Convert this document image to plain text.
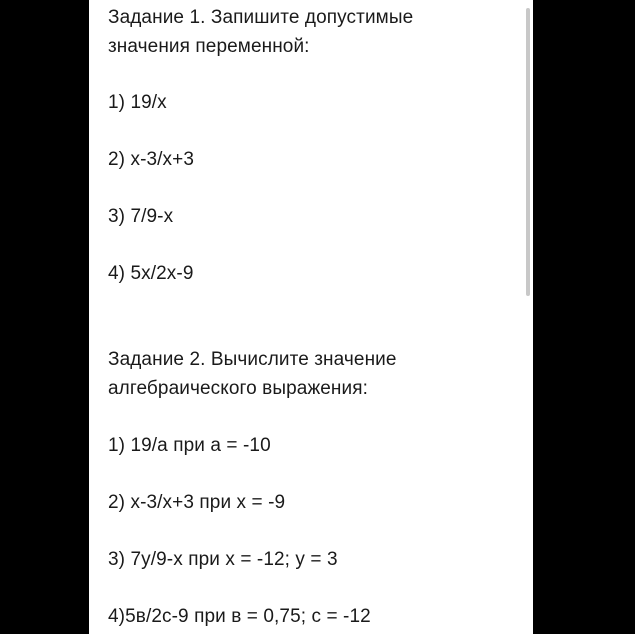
Задание 1. Запишите допустимые
значения переменной:
1) 19/x
2) x-3/x+3
3) 7/9-x
4) 5x/2x-9
Задание 2. Вычислите значение
алгебраического выражения:
1) 19/a при a = -10
2) x-3/x+3 при x = -9
3) 7y/9-x при x = -12; y = 3
4)5в/2c-9 при в = 0,75; c = -12
